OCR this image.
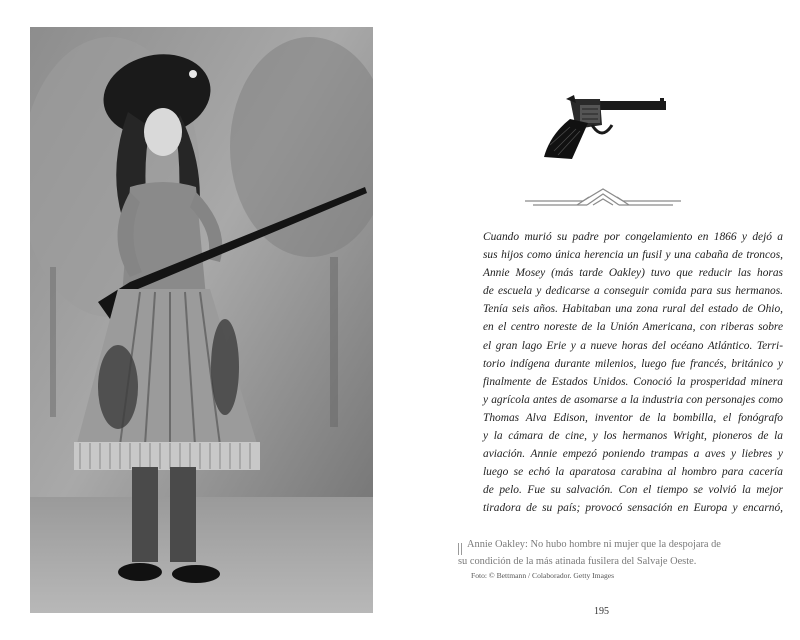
Cuando murió su padre por congelamiento en 1866 y dejó a
sus hijos como única herencia un fusil y una cabaña de troncos,
Annie Mosey (más tarde Oakley) tuvo que reducir las horas
de escuela y dedicarse a conseguir comida para sus hermanos.
Tenía seis años. Habitaban una zona rural del estado de Ohio,
en el centro noreste de la Unión Americana, con riberas sobre
el gran lago Erie y a nueve horas del océano Atlántico. Terri-
torio indígena durante milenios, luego fue francés, británico y
finalmente de Estados Unidos. Conoció la prosperidad minera
y agrícola antes de asomarse a la industria con personajes como
Thomas Alva Edison, inventor de la bombilla, el fonógrafo
y la cámara de cine, y los hermanos Wright, pioneros de la
aviación. Annie empezó poniendo trampas a aves y liebres y
luego se echó la aparatosa carabina al hombro para cacería
de pelo. Fue su salvación. Con el tiempo se volvió la mejor
tiradora de su país; provocó sensación en Europa y encarnó,

Annie Oakley: No hubo hombre ni mujer que la despojara de
su condición de la más atinada fusilera del Salvaje Oeste.

Foto: © Bettmann / Colaborador. Getty Images

195
